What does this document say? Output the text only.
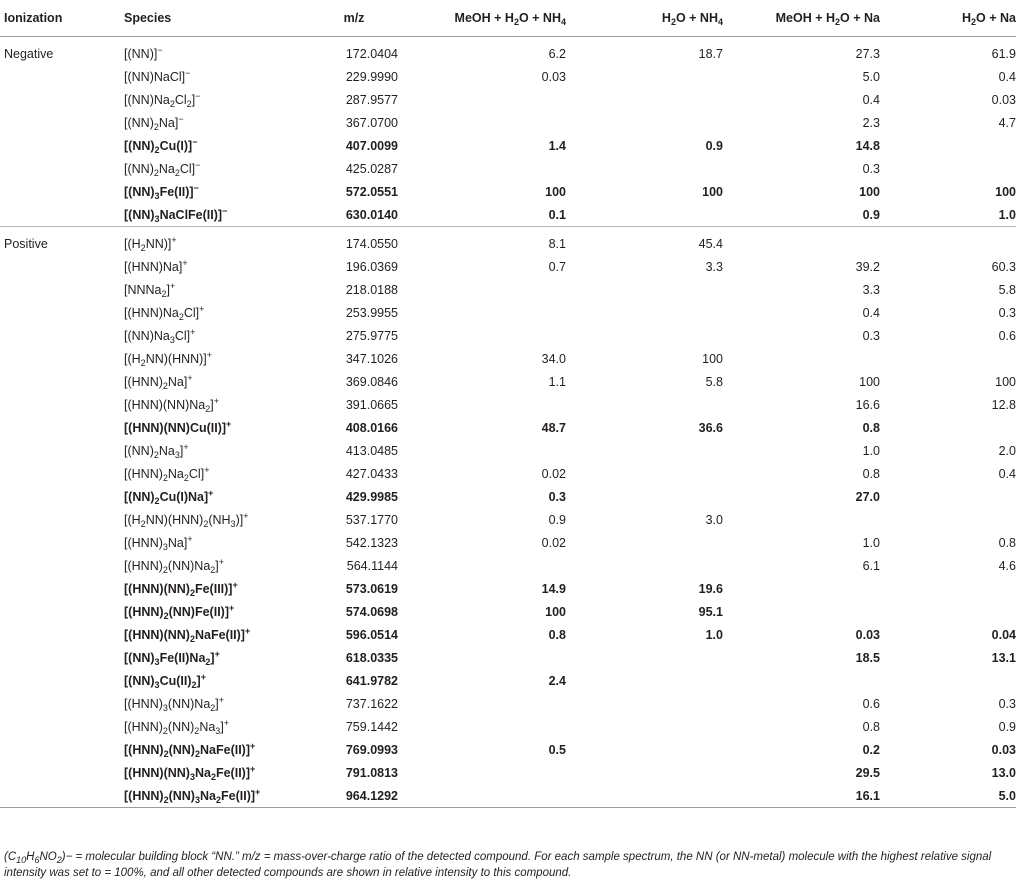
Ionization	Species	m/z	MeOH + $H_2O + NH_4$	$H_2O + NH_4$	MeOH + $H_2O + Na$	$H_2O + Na$

Negative	[(NN)]−	172.0404	6.2	18.7	27.3	61.9
	[(NN)NaCl]−	229.9990	0.03		5.0	0.4
	$[(NN)Na_2Cl_2]^-$	287.9577			0.4	0.03
	$[(NN)_2Na]^-$	367.0700			2.3	4.7
	$[(NN)_2Cu(I)]^-$	407.0099	1.4	0.9	14.8	
	$[(NN)_2Na_2Cl]^-$	425.0287			0.3	
	$[(NN)_3Fe(II)]^-$	572.0551	100	100	100	100
	$[(NN)_3NaClFe(II)]^-$	630.0140	0.1		0.9	1.0

Positive	$[(H_2NN)]^+$	174.0550	8.1	45.4		
	[(HNN)Na]+	196.0369	0.7	3.3	39.2	60.3
	[NNNa$_2$]+	218.0188			3.3	5.8
	$[(HNN)Na_2Cl]^+$	253.9955			0.4	0.3
	$[(NN)Na_3Cl]^+$	275.9775			0.3	0.6
	$[(H_2NN)(HNN)]^+$	347.1026	34.0	100		
	$[(HNN)_2Na]^+$	369.0846	1.1	5.8	100	100
	$[(HNN)(NN)Na_2]^+$	391.0665			16.6	12.8
	[(HNN)(NN)Cu(II)]+	408.0166	48.7	36.6	0.8	
	$[(NN)_2Na_3]^+$	413.0485			1.0	2.0
	$[(HNN)_2Na_2Cl]^+$	427.0433	0.02		0.8	0.4
	$[(NN)_2Cu(I)Na]^+$	429.9985	0.3		27.0	
	$[(H_2NN)(HNN)_2(NH_3)]^+$	537.1770	0.9	3.0		
	$[(HNN)_3Na]^+$	542.1323	0.02		1.0	0.8
	$[(HNN)_2(NN)Na_2]^+$	564.1144			6.1	4.6
	$[(HNN)(NN)_2Fe(III)]^+$	573.0619	14.9	19.6		
	$[(HNN)_2(NN)Fe(II)]^+$	574.0698	100	95.1		
	$[(HNN)(NN)_2NaFe(II)]^+$	596.0514	0.8	1.0	0.03	0.04
	$[(NN)_3Fe(II)Na_2]^+$	618.0335			18.5	13.1
	$[(NN)_3Cu(II)_2]^+$	641.9782	2.4			
	$[(HNN)_3(NN)Na_2]^+$	737.1622			0.6	0.3
	$[(HNN)_2(NN)_2Na_3]^+$	759.1442			0.8	0.9
	$[(HNN)_2(NN)_2NaFe(II)]^+$	769.0993	0.5		0.2	0.03
	$[(HNN)(NN)_3Na_2Fe(II)]^+$	791.0813			29.5	13.0
	$[(HNN)_2(NN)_3Na_2Fe(II)]^+$	964.1292			16.1	5.0
$(C_{10}H_6NO_2)-$ = molecular building block “NN.” m/z = mass-over-charge ratio of the detected compound. For each sample spectrum, the NN (or NN-metal) molecule with the highest relative signal intensity was set to = 100%, and all other detected compounds are shown in relative intensity to this compound.
